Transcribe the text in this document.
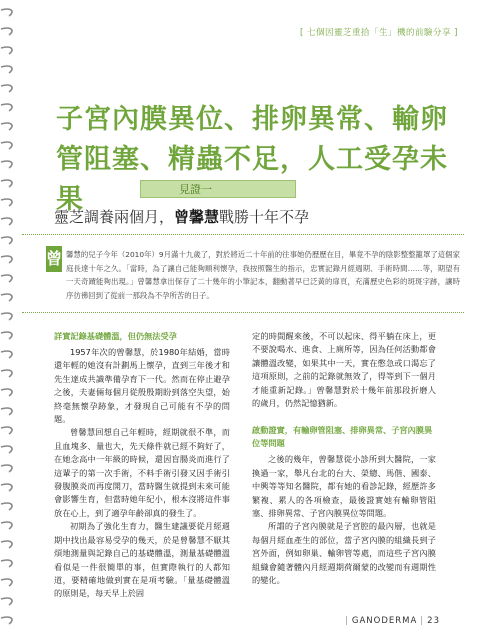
[ 七個因靈芝重拾「生」機的前驗分享 ]
子宮內膜異位、排卵異常、輸卵管阻塞、精蟲不足，人工受孕未果	見證一
靈芝調養兩個月，曾馨慧戰勝十年不孕
曾 馨慧的兒子今年（2010年）9月滿十九歲了，對於將近二十年前的往事她仍歷歷在目，畢竟不孕的陰影整整籠罩了這個家庭長達十年之久。「當時，為了讓自己能夠順利懷孕，我按照醫生的指示，忠實記錄月經週期、手術時間……等，期望有一天奇蹟能夠出現。」曾馨慧拿出保存了二十幾年的小筆記本，翻動著早已泛黃的扉頁，充滿歷史色彩的斑斑字跡，讓時序彷彿回到了從前一那段為不孕所苦的日子。

詳實記錄基礎體溫，但仍無法受孕

1957年次的曾馨慧，於1980年結婚，當時還年輕的她沒有計劃馬上懷孕，直到三年後才和先生達成共識準備孕育下一代。然而在停止避孕之後，夫妻倆每個月從殷殷期盼到落空失望，始終毫無懷孕跡象，才發現自己可能有不孕的問題。

曾馨慧回想自己年輕時，經期就很不準，而且血塊多、量也大，先天條件就已經不夠好了，在她念高中一年級的時候，還因盲腸炎而進行了這輩子的第一次手術，不料手術引發又因手術引發腹膜炎而再度開刀，當時醫生就提到未來可能會影響生育，但當時她年紀小，根本沒將這件事放在心上，到了適孕年齡卻真的發生了。

初期為了強化生育力，醫生建議要從月經週期中找出最容易受孕的幾天，於是曾馨慧不厭其煩地測量與記錄自己的基礎體溫，測量基礎體溫看似是一件很簡單的事，但實際執行的人都知道，要精確地做到實在是項考驗。「量基礎體溫的原則是，每天早上於固

定的時間醒來後，不可以起床、得平躺在床上，更不要說喝水、進食、上廁所等，因為任何活動都會讓體溫改變，如果其中一天，實在憋急或口渴忘了這項原則，之前的記錄就無效了，得等到下一個月才能重新記錄。」曾馨慧對於十幾年前那段折磨人的歲月，仍然記憶猶新。

啟動證實，有輸卵管阻塞、排卵異常、子宮內膜異位等問題

之後的幾年，曾馨慧從小診所到大醫院，一家換過一家，舉凡台北的台大、榮總、馬偕、國泰、中興等等知名醫院，都有她的看診記錄，經歷許多繁複、累人的各項檢查，最後證實她有輸卵管阻塞、排卵異常、子宮內膜異位等問題。

所謂的子宮內膜就是子宮腔的最內層，也就是每個月經血產生的部位，當子宮內膜的組織長到子宮外面，例如卵巢、輸卵管等處，而這些子宮內膜組織會隨著體內月經週期荷爾蒙的改變而有週期性的變化。

| GANODERMA | 23
